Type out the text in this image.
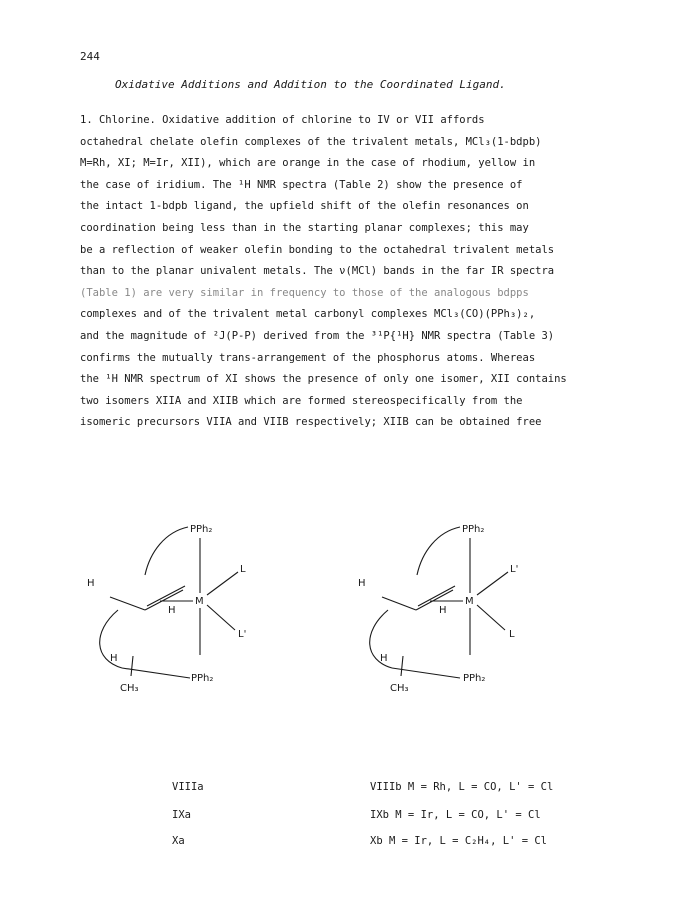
244
Oxidative Additions and Addition to the Coordinated Ligand.
1. Chlorine. Oxidative addition of chlorine to IV or VII affords
octahedral chelate olefin complexes of the trivalent metals, MCl₃(1-bdpb)
M=Rh, XI; M=Ir, XII), which are orange in the case of rhodium, yellow in
the case of iridium. The ¹H NMR spectra (Table 2) show the presence of
the intact 1-bdpb ligand, the upfield shift of the olefin resonances on
coordination being less than in the starting planar complexes; this may
be a reflection of weaker olefin bonding to the octahedral trivalent metals
than to the planar univalent metals. The ν(MCl) bands in the far IR spectra
(Table 1) are very similar in frequency to those of the analogous bdpps
complexes and of the trivalent metal carbonyl complexes MCl₃(CO)(PPh₃)₂,
and the magnitude of ²J(P-P) derived from the ³¹P{¹H} NMR spectra (Table 3)
confirms the mutually trans-arrangement of the phosphorus atoms. Whereas
the ¹H NMR spectrum of XI shows the presence of only one isomer, XII contains
two isomers XIIA and XIIB which are formed stereospecifically from the
isomeric precursors VIIA and VIIB respectively; XIIB can be obtained free
PPh₂
PPh₂
M
L
L'
H
H
H
CH₃
PPh₂
PPh₂
M
L'
L
H
H
H
CH₃
VIIIa
IXa
Xa
VIIIb M = Rh, L = CO, L' = Cl
IXb M = Ir, L = CO, L' = Cl
Xb M = Ir, L = C₂H₄, L' = Cl
